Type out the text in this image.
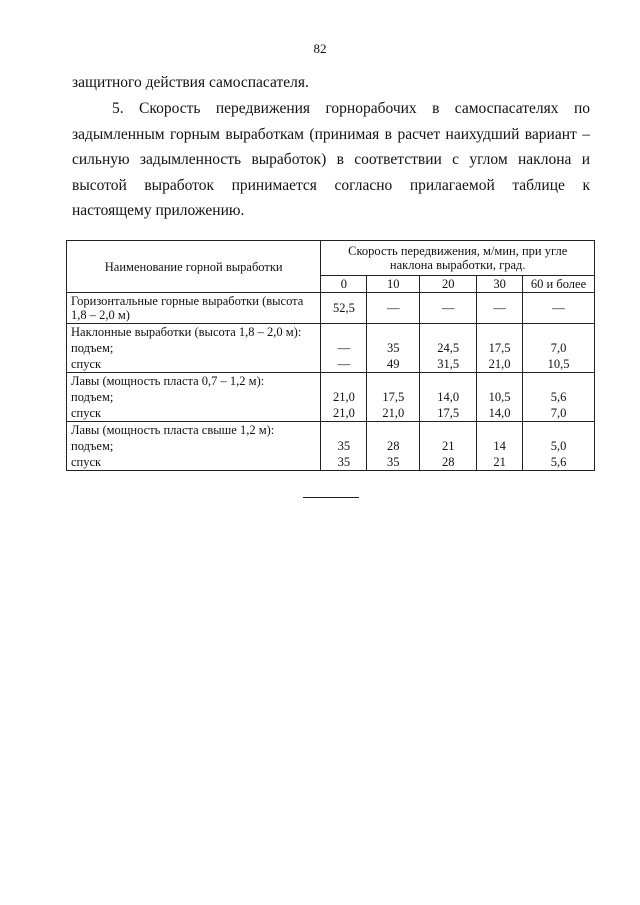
82
защитного действия самоспасателя.
5. Скорость передвижения горнорабочих в самоспасателях по задымленным горным выработкам (принимая в расчет наихудший вариант – сильную задымленность выработок) в соответствии с углом наклона и высотой выработок принимается согласно прилагаемой таблице к настоящему приложению.
Наименование горной выработки	Скорость передвижения, м/мин, при угле наклона выработки, град.				
	0	10	20	30	60 и более
Горизонтальные горные выработки (высота 1,8 – 2,0 м)	52,5	—	—	—	—
Наклонные выработки (высота 1,8 – 2,0 м):					
подъем;	—	35	24,5	17,5	7,0
спуск	—	49	31,5	21,0	10,5
Лавы (мощность пласта 0,7 – 1,2 м):					
подъем;	21,0	17,5	14,0	10,5	5,6
спуск	21,0	21,0	17,5	14,0	7,0
Лавы (мощность пласта свыше 1,2 м):					
подъем;	35	28	21	14	5,0
спуск	35	35	28	21	5,6
